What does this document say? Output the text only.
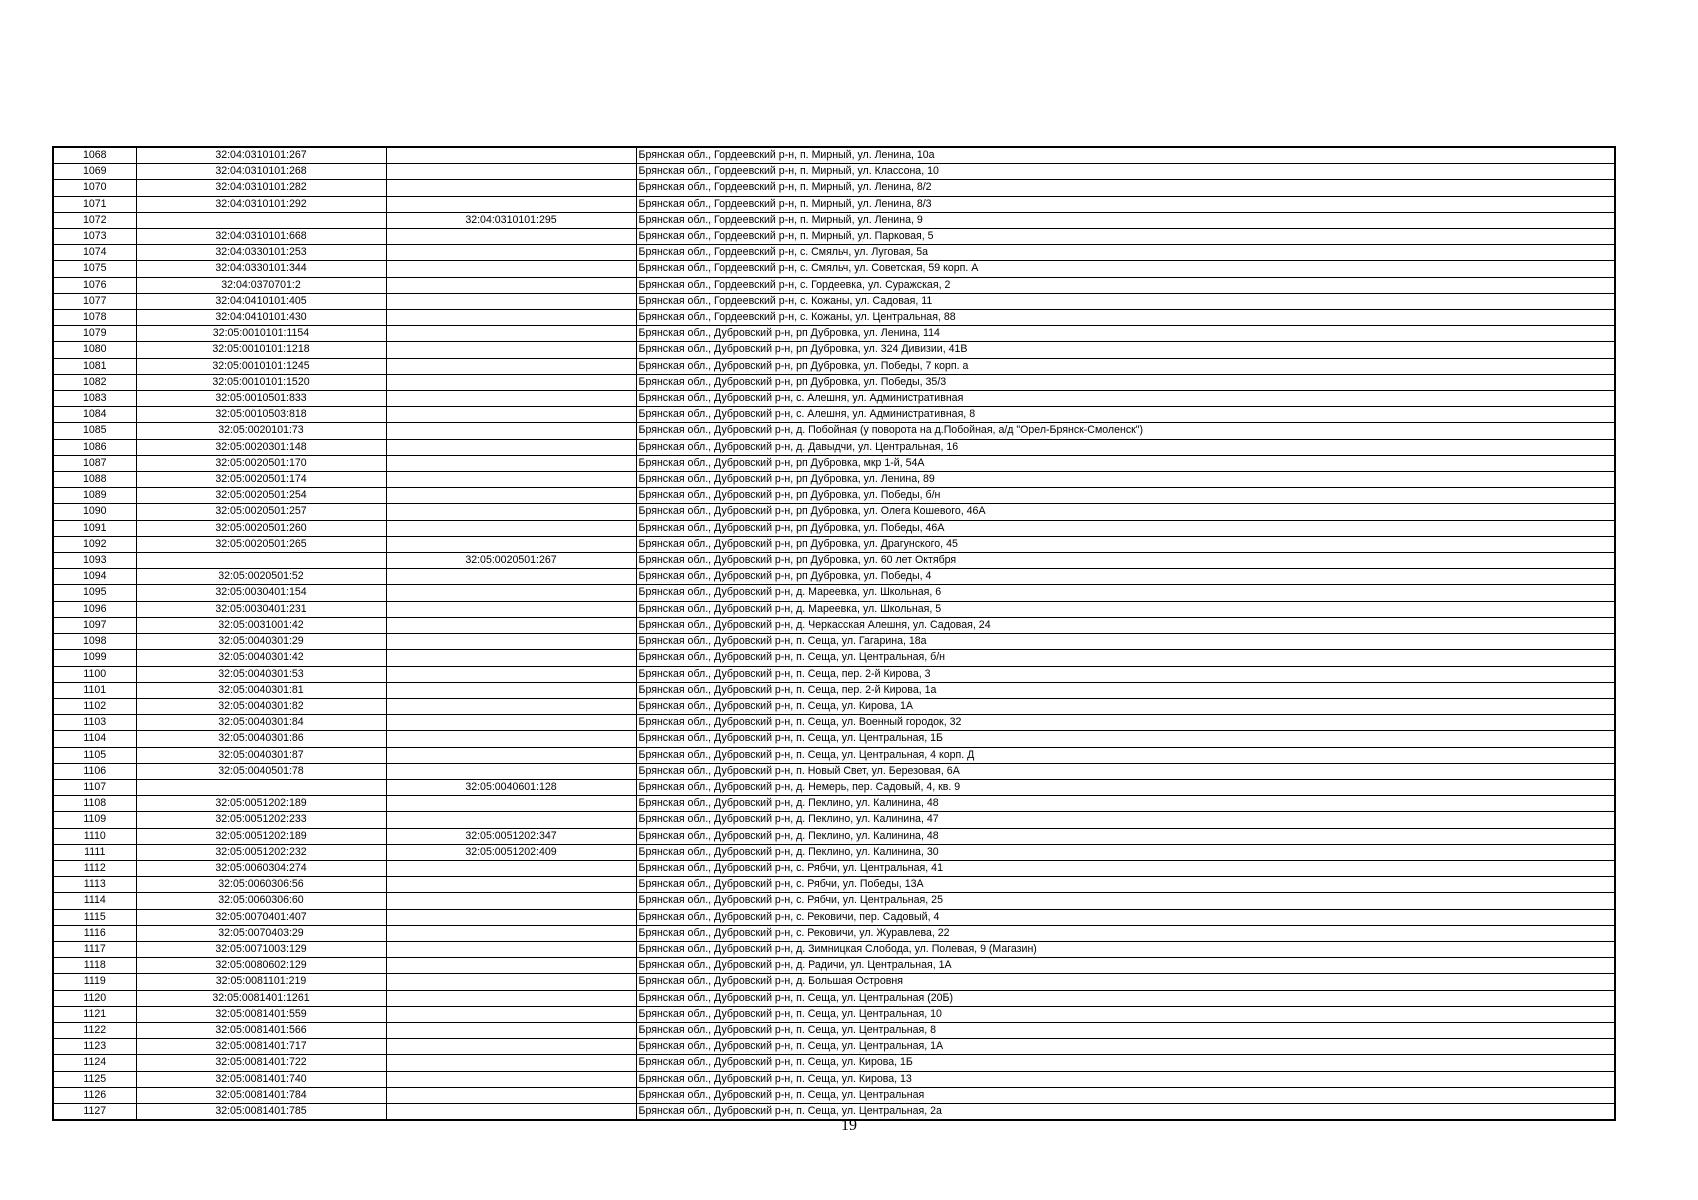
1068	32:04:0310101:267		Брянская обл., Гордеевский р-н, п. Мирный, ул. Ленина, 10а
1069	32:04:0310101:268		Брянская обл., Гордеевский р-н, п. Мирный, ул. Классона, 10
1070	32:04:0310101:282		Брянская обл., Гордеевский р-н, п. Мирный, ул. Ленина, 8/2
1071	32:04:0310101:292		Брянская обл., Гордеевский р-н, п. Мирный, ул. Ленина, 8/3
1072		32:04:0310101:295	Брянская обл., Гордеевский р-н, п. Мирный, ул. Ленина, 9
1073	32:04:0310101:668		Брянская обл., Гордеевский р-н, п. Мирный, ул. Парковая, 5
1074	32:04:0330101:253		Брянская обл., Гордеевский р-н, с. Смяльч, ул. Луговая, 5а
1075	32:04:0330101:344		Брянская обл., Гордеевский р-н, с. Смяльч, ул. Советская, 59 корп. А
1076	32:04:0370701:2		Брянская обл., Гордеевский р-н, с. Гордеевка, ул. Суражская, 2
1077	32:04:0410101:405		Брянская обл., Гордеевский р-н, с. Кожаны, ул. Садовая, 11
1078	32:04:0410101:430		Брянская обл., Гордеевский р-н, с. Кожаны, ул. Центральная, 88
1079	32:05:0010101:1154		Брянская обл., Дубровский р-н, рп Дубровка, ул. Ленина, 114
1080	32:05:0010101:1218		Брянская обл., Дубровский р-н, рп Дубровка, ул. 324 Дивизии, 41В
1081	32:05:0010101:1245		Брянская обл., Дубровский р-н, рп Дубровка, ул. Победы, 7 корп. а
1082	32:05:0010101:1520		Брянская обл., Дубровский р-н, рп Дубровка, ул. Победы, 35/3
1083	32:05:0010501:833		Брянская обл., Дубровский р-н, с. Алешня, ул. Административная
1084	32:05:0010503:818		Брянская обл., Дубровский р-н, с. Алешня, ул. Административная, 8
1085	32:05:0020101:73		Брянская обл., Дубровский р-н, д. Побойная (у поворота на д.Побойная, а/д "Орел-Брянск-Смоленск")
1086	32:05:0020301:148		Брянская обл., Дубровский р-н, д. Давыдчи, ул. Центральная, 16
1087	32:05:0020501:170		Брянская обл., Дубровский р-н, рп Дубровка, мкр 1-й, 54А
1088	32:05:0020501:174		Брянская обл., Дубровский р-н, рп Дубровка, ул. Ленина, 89
1089	32:05:0020501:254		Брянская обл., Дубровский р-н, рп Дубровка, ул. Победы, б/н
1090	32:05:0020501:257		Брянская обл., Дубровский р-н, рп Дубровка, ул. Олега Кошевого, 46А
1091	32:05:0020501:260		Брянская обл., Дубровский р-н, рп Дубровка, ул. Победы, 46А
1092	32:05:0020501:265		Брянская обл., Дубровский р-н, рп Дубровка, ул. Драгунского, 45
1093		32:05:0020501:267	Брянская обл., Дубровский р-н, рп Дубровка, ул. 60 лет Октября
1094	32:05:0020501:52		Брянская обл., Дубровский р-н, рп Дубровка, ул. Победы, 4
1095	32:05:0030401:154		Брянская обл., Дубровский р-н, д. Мареевка, ул. Школьная, 6
1096	32:05:0030401:231		Брянская обл., Дубровский р-н, д. Мареевка, ул. Школьная, 5
1097	32:05:0031001:42		Брянская обл., Дубровский р-н, д. Черкасская Алешня, ул. Садовая, 24
1098	32:05:0040301:29		Брянская обл., Дубровский р-н, п. Сеща, ул. Гагарина, 18а
1099	32:05:0040301:42		Брянская обл., Дубровский р-н, п. Сеща, ул. Центральная, б/н
1100	32:05:0040301:53		Брянская обл., Дубровский р-н, п. Сеща, пер. 2-й Кирова, 3
1101	32:05:0040301:81		Брянская обл., Дубровский р-н, п. Сеща, пер. 2-й Кирова, 1а
1102	32:05:0040301:82		Брянская обл., Дубровский р-н, п. Сеща, ул. Кирова, 1А
1103	32:05:0040301:84		Брянская обл., Дубровский р-н, п. Сеща, ул. Военный городок, 32
1104	32:05:0040301:86		Брянская обл., Дубровский р-н, п. Сеща, ул. Центральная, 1Б
1105	32:05:0040301:87		Брянская обл., Дубровский р-н, п. Сеща, ул. Центральная, 4 корп. Д
1106	32:05:0040501:78		Брянская обл., Дубровский р-н, п. Новый Свет, ул. Березовая, 6А
1107		32:05:0040601:128	Брянская обл., Дубровский р-н, д. Немерь, пер. Садовый, 4, кв. 9
1108	32:05:0051202:189		Брянская обл., Дубровский р-н, д. Пеклино, ул. Калинина, 48
1109	32:05:0051202:233		Брянская обл., Дубровский р-н, д. Пеклино, ул. Калинина, 47
1110	32:05:0051202:189	32:05:0051202:347	Брянская обл., Дубровский р-н, д. Пеклино, ул. Калинина, 48
1111	32:05:0051202:232	32:05:0051202:409	Брянская обл., Дубровский р-н, д. Пеклино, ул. Калинина, 30
1112	32:05:0060304:274		Брянская обл., Дубровский р-н, с. Рябчи, ул. Центральная, 41
1113	32:05:0060306:56		Брянская обл., Дубровский р-н, с. Рябчи, ул. Победы, 13А
1114	32:05:0060306:60		Брянская обл., Дубровский р-н, с. Рябчи, ул. Центральная, 25
1115	32:05:0070401:407		Брянская обл., Дубровский р-н, с. Рековичи, пер. Садовый, 4
1116	32:05:0070403:29		Брянская обл., Дубровский р-н, с. Рековичи, ул. Журавлева, 22
1117	32:05:0071003:129		Брянская обл., Дубровский р-н, д. Зимницкая Слобода, ул. Полевая, 9 (Магазин)
1118	32:05:0080602:129		Брянская обл., Дубровский р-н, д. Радичи, ул. Центральная, 1А
1119	32:05:0081101:219		Брянская обл., Дубровский р-н, д. Большая Островня
1120	32:05:0081401:1261		Брянская обл., Дубровский р-н, п. Сеща, ул. Центральная (20Б)
1121	32:05:0081401:559		Брянская обл., Дубровский р-н, п. Сеща, ул. Центральная, 10
1122	32:05:0081401:566		Брянская обл., Дубровский р-н, п. Сеща, ул. Центральная, 8
1123	32:05:0081401:717		Брянская обл., Дубровский р-н, п. Сеща, ул. Центральная, 1А
1124	32:05:0081401:722		Брянская обл., Дубровский р-н, п. Сеща, ул. Кирова, 1Б
1125	32:05:0081401:740		Брянская обл., Дубровский р-н, п. Сеща, ул. Кирова, 13
1126	32:05:0081401:784		Брянская обл., Дубровский р-н, п. Сеща, ул. Центральная
1127	32:05:0081401:785		Брянская обл., Дубровский р-н, п. Сеща, ул. Центральная, 2а
19
